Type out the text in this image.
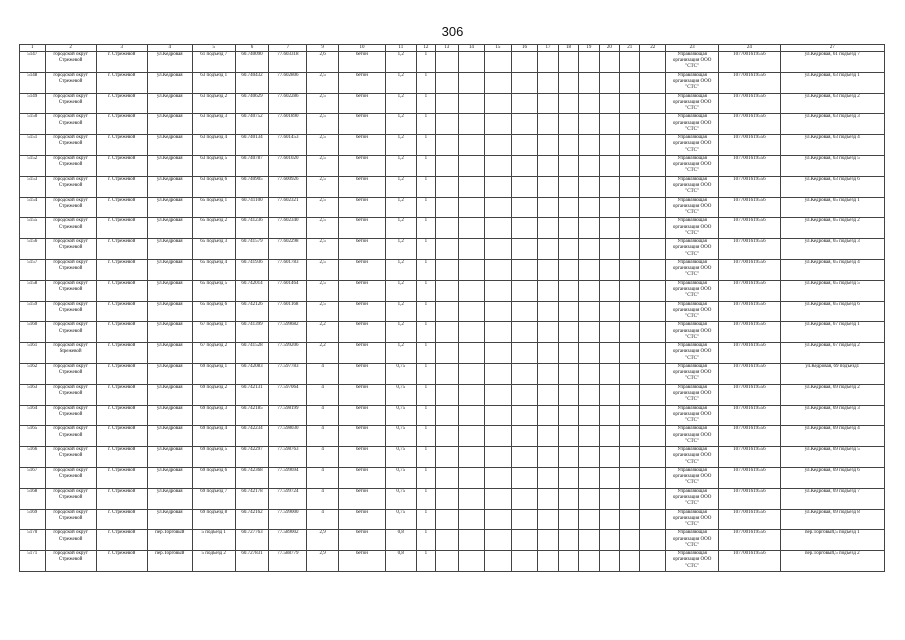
306
1	2	3	4	5	6	7	9	10	11	12	13	14	15	16	17	18	19	20	21	22	23	24	27
5147	городской округ Стрежевой	г. Стрежевой	ул.Кедровая	61 подъезд 7	60.740090	77.603318	2,6	бетон	1,2	1											Управляющая организация ООО "СТС"	1077001619556	ул.Кедровая, 61 подъезд 7
5148	городской округ Стрежевой	г. Стрежевой	ул.Кедровая	63 подъезд 1	60.740432	77.602806	2,5	бетон	1,2	1											Управляющая организация ООО "СТС"	1077001619556	ул.Кедровая, 63 подъезд 1
5149	городской округ Стрежевой	г. Стрежевой	ул.Кедровая	63 подъезд 2	60.740629	77.602286	2,5	бетон	1,2	1											Управляющая организация ООО "СТС"	1077001619556	ул.Кедровая, 63 подъезд 2
5150	городской округ Стрежевой	г. Стрежевой	ул.Кедровая	63 подъезд 3	60.740752	77.601890	2,5	бетон	1,2	1											Управляющая организация ООО "СТС"	1077001619556	ул.Кедровая, 63 подъезд 3
5151	городской округ Стрежевой	г. Стрежевой	ул.Кедровая	63 подъезд 4	60.740134	77.601453	2,5	бетон	1,2	1											Управляющая организация ООО "СТС"	1077001619556	ул.Кедровая, 63 подъезд 4
5152	городской округ Стрежевой	г. Стрежевой	ул.Кедровая	63 подъезд 5	60.740787	77.601020	2,5	бетон	1,2	1											Управляющая организация ООО "СТС"	1077001619556	ул.Кедровая, 63 подъезд 5
5153	городской округ Стрежевой	г. Стрежевой	ул.Кедровая	63 подъезд 6	60.740905	77.600926	2,5	бетон	1,2	1											Управляющая организация ООО "СТС"	1077001619556	ул.Кедровая, 63 подъезд 6
5154	городской округ Стрежевой	г. Стрежевой	ул.Кедровая	65 подъезд 1	60.741100	77.602321	2,5	бетон	1,2	1											Управляющая организация ООО "СТС"	1077001619556	ул.Кедровая, 65 подъезд 1
5155	городской округ Стрежевой	г. Стрежевой	ул.Кедровая	65 подъезд 2	60.741236	77.602340	2,5	бетон	1,2	1											Управляющая организация ООО "СТС"	1077001619556	ул.Кедровая, 65 подъезд 2
5156	городской округ Стрежевой	г. Стрежевой	ул.Кедровая	65 подъезд 3	60.741579	77.602298	2,5	бетон	1,2	1											Управляющая организация ООО "СТС"	1077001619556	ул.Кедровая, 65 подъезд 3
5157	городской округ Стрежевой	г. Стрежевой	ул.Кедровая	65 подъезд 4	60.741936	77.601783	2,5	бетон	1,2	1											Управляющая организация ООО "СТС"	1077001619556	ул.Кедровая, 65 подъезд 4
5158	городской округ Стрежевой	г. Стрежевой	ул.Кедровая	65 подъезд 5	60.742014	77.601464	2,5	бетон	1,2	1											Управляющая организация ООО "СТС"	1077001619556	ул.Кедровая, 65 подъезд 5
5159	городской округ Стрежевой	г. Стрежевой	ул.Кедровая	65 подъезд 6	60.742126	77.601168	2,5	бетон	1,2	1											Управляющая организация ООО "СТС"	1077001619556	ул.Кедровая, 65 подъезд 6
5160	городской округ Стрежевой	г. Стрежевой	ул.Кедровая	67 подъезд 1	60.741399	77.599682	2,2	бетон	1,2	1											Управляющая организация ООО "СТС"	1077001619556	ул.Кедровая, 67 подъезд 1
5161	городской округ Stрежевой	г. Стрежевой	ул.Кедровая	67 подъезд 2	60.741528	77.599206	2,2	бетон	1,2	1											Управляющая организация ООО "СТС"	1077001619556	ул.Кедровая, 67 подъезд 2
5162	городской округ Стрежевой	г. Стрежевой	ул.Кедровая	69 подъезд 1	60.742083	77.597783	4	бетон	0,75	1											Управляющая организация ООО "СТС"	1077001619556	ул.Кедровая, 69 подъезд1
5163	городской округ Стрежевой	г. Стрежевой	ул.Кедровая	69 подъезд 2	60.742131	77.597064	4	бетон	0,75	1											Управляющая организация ООО "СТС"	1077001619556	ул.Кедровая, 69 подъезд 2
5164	городской округ Стрежевой	г. Стрежевой	ул.Кедровая	69 подъезд 3	60.742185	77.598199	4	бетон	0,75	1											Управляющая организация ООО "СТС"	1077001619556	ул.Кедровая, 69 подъезд 3
5165	городской округ Стрежевой	г. Стрежевой	ул.Кедровая	69 подъезд 4	60.742234	77.598030	4	бетон	0,75	1											Управляющая организация ООО "СТС"	1077001619556	ул.Кедровая, 69 подъезд 4
5166	городской округ Стрежевой	г. Стрежевой	ул.Кедровая	69 подъезд 5	60.742297	77.598763	4	бетон	0,75	1											Управляющая организация ООО "СТС"	1077001619556	ул.Кедровая, 69 подъезд 5
5167	городской округ Стрежевой	г. Стрежевой	ул.Кедровая	69 подъезд 6	60.742368	77.599694	4	бетон	0,75	1											Управляющая организация ООО "СТС"	1077001619556	ул.Кедровая, 69 подъезд 6
5168	городской округ Стрежевой	г. Стрежевой	ул.Кедровая	69 подъезд 7	60.742178	77.599724	4	бетон	0,75	1											Управляющая организация ООО "СТС"	1077001619556	ул.Кедровая, 69 подъезд 7
5169	городской округ Стрежевой	г. Стрежевой	ул.Кедровая	69 подъезд 8	60.742162	77.599000	4	бетон	0,75	1											Управляющая организация ООО "СТС"	1077001619556	ул.Кедровая, 69 подъезд 8
5170	городской округ Стрежевой	г. Стрежевой	пер.Торговый	5 подъезд 1	60.727763	77.589002	2,9	бетон	0,8	1											Управляющая организация ООО "СТС"	1077001619556	пер.Торговый,5 подъезд 1
5171	городской округ Стрежевой	г. Стрежевой	пер.Торговый	5 подъезд 2	60.727831	77.588779	2,9	бетон	0,8	1											Управляющая организация ООО "СТС"	1077001619556	пер.Торговый,5 подъезд 2
